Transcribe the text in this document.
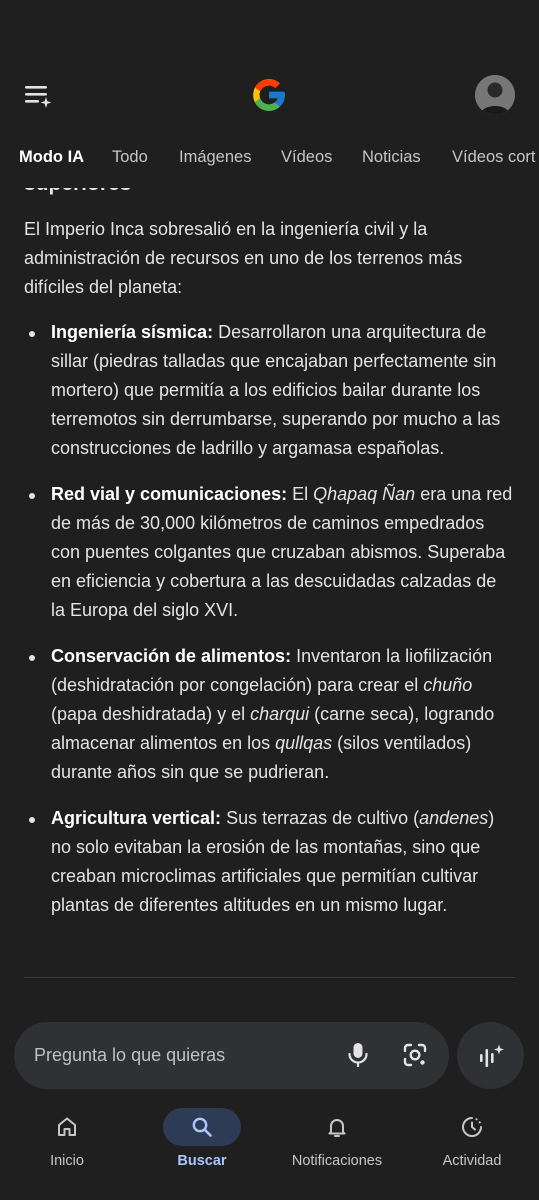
Modo IA Todo Imágenes Vídeos Noticias Vídeos cort

El Imperio Inca sobresalió en la ingeniería civil y la administración de recursos en uno de los terrenos más difíciles del planeta:

Ingeniería sísmica: Desarrollaron una arquitectura de sillar (piedras talladas que encajaban perfectamente sin mortero) que permitía a los edificios bailar durante los terremotos sin derrumbarse, superando por mucho a las construcciones de ladrillo y argamasa españolas.
Red vial y comunicaciones: El Qhapaq Ñan era una red de más de 30,000 kilómetros de caminos empedrados con puentes colgantes que cruzaban abismos. Superaba en eficiencia y cobertura a las descuidadas calzadas de la Europa del siglo XVI.
Conservación de alimentos: Inventaron la liofilización (deshidratación por congelación) para crear el chuño (papa deshidratada) y el charqui (carne seca), logrando almacenar alimentos en los qullqas (silos ventilados) durante años sin que se pudrieran.
Agricultura vertical: Sus terrazas de cultivo (andenes) no solo evitaban la erosión de las montañas, sino que creaban microclimas artificiales que permitían cultivar plantas de diferentes altitudes en un mismo lugar.
Pregunta lo que quieras
Inicio	Buscar	Notificaciones	Actividad
